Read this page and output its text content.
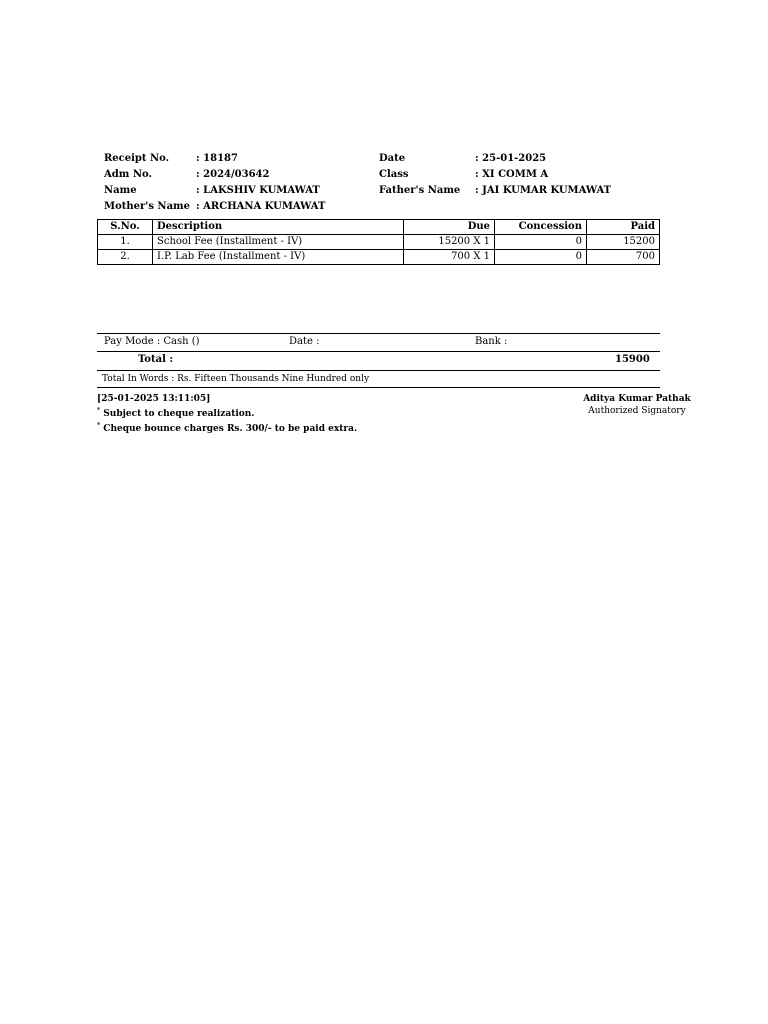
Receipt No.	: 18187	Date	: 25-01-2025
Adm No.	: 2024/03642	Class	: XI COMM A
Name	: LAKSHIV KUMAWAT	Father's Name : JAI KUMAR KUMAWAT
Mother's Name : ARCHANA KUMAWAT
S.No.	Description	Due	Concession	Paid
1.	School Fee (Installment - IV)	15200 X 1	0	15200
2.	I.P. Lab Fee (Installment - IV)	700 X 1	0	700
Pay Mode : Cash ()	Date :	Bank :
Total :	15900
Total In Words : Rs. Fifteen Thousands Nine Hundred only
[25-01-2025 13:11:05]
* Subject to cheque realization.
* Cheque bounce charges Rs. 300/- to be paid extra.
Aditya Kumar Pathak
Authorized Signatory
